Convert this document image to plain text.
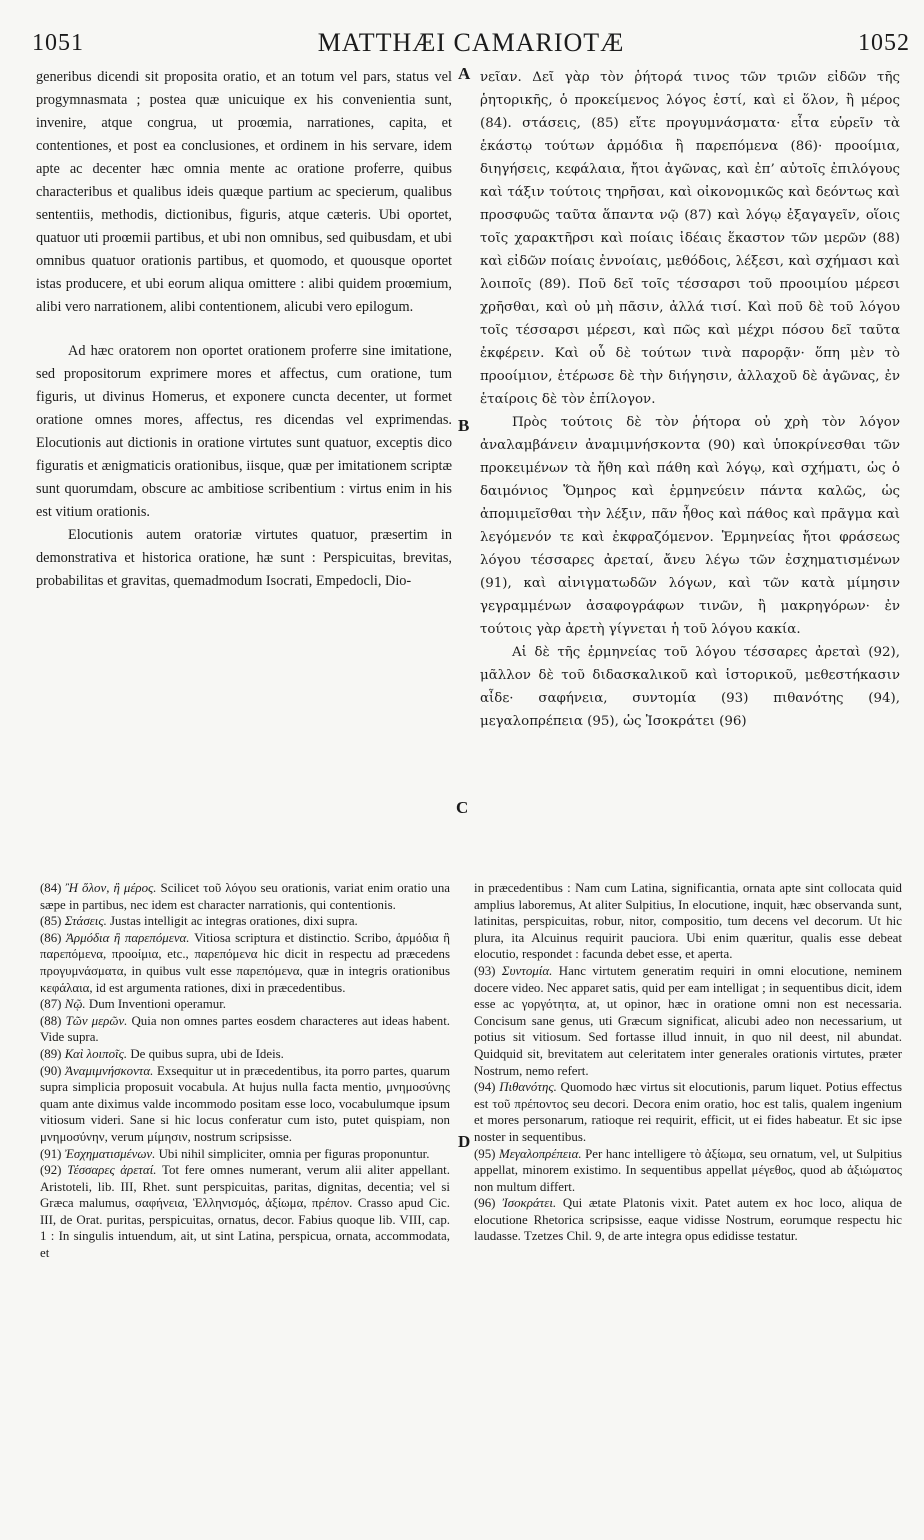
1051	MATTHÆI CAMARIOTÆ	1052
A
B
C
D

generibus dicendi sit proposita oratio, et an totum vel pars, status vel progymnasmata ; postea quæ unicuique ex his convenientia sunt, invenire, atque congrua, ut proœmia, narrationes, capita, et contentiones, et post ea conclusiones, et ordinem in his servare, idem apte ac decenter hæc omnia mente ac oratione proferre, quibus characteribus et qualibus ideis quæque partium ac specierum, qualibus sententiis, methodis, dictionibus, figuris, atque cæteris. Ubi oportet, quatuor uti proœmii partibus, et ubi non omnibus, sed quibusdam, et ubi omnibus quatuor orationis partibus, et quomodo, et quousque oportet istas producere, et ubi eorum aliqua omittere : alibi quidem proœmium, alibi vero narrationem, alibi contentionem, alicubi vero epilogum.

Ad hæc oratorem non oportet orationem proferre sine imitatione, sed propositorum exprimere mores et affectus, cum oratione, tum figuris, ut divinus Homerus, et exponere cuncta decenter, ut formet oratione omnes mores, affectus, res dicendas vel exprimendas. Elocutionis aut dictionis in oratione virtutes sunt quatuor, exceptis dico figuratis et ænigmaticis orationibus, iisque, quæ per imitationem scriptæ sunt quorumdam, obscure ac ambitiose scribentium : virtus enim in his est vitium orationis.

Elocutionis autem oratoriæ virtutes quatuor, præsertim in demonstrativa et historica oratione, hæ sunt : Perspicuitas, brevitas, probabilitas et gravitas, quemadmodum Isocrati, Empedocli, Dio-

νεῖαν. Δεῖ γὰρ τὸν ῥήτορά τινος τῶν τριῶν εἰδῶν τῆς ῥητορικῆς, ὁ προκείμενος λόγος ἐστί, καὶ εἰ ὅλον, ἢ μέρος (84). στάσεις, (85) εἴτε προγυμνάσματα· εἶτα εὑρεῖν τὰ ἑκάστῳ τούτων ἁρμόδια ἢ παρεπόμενα (86)· προοίμια, διηγήσεις, κεφάλαια, ἤτοι ἀγῶνας, καὶ ἐπ’ αὐτοῖς ἐπιλόγους καὶ τάξιν τούτοις τηρῆσαι, καὶ οἰκονομικῶς καὶ δεόντως καὶ προσφυῶς ταῦτα ἅπαντα νῷ (87) καὶ λόγῳ ἐξαγαγεῖν, οἵοις τοῖς χαρακτῆρσι καὶ ποίαις ἰδέαις ἕκαστον τῶν μερῶν (88) καὶ εἰδῶν ποίαις ἐννοίαις, μεθόδοις, λέξεσι, καὶ σχήμασι καὶ λοιποῖς (89). Ποῦ δεῖ τοῖς τέσσαρσι τοῦ προοιμίου μέρεσι χρῆσθαι, καὶ οὐ μὴ πᾶσιν, ἀλλά τισί. Καὶ ποῦ δὲ τοῦ λόγου τοῖς τέσσαρσι μέρεσι, καὶ πῶς καὶ μέχρι πόσου δεῖ ταῦτα ἐκφέρειν. Καὶ οὗ δὲ τούτων τινὰ παρορᾷν· ὅπη μὲν τὸ προοίμιον, ἑτέρωσε δὲ τὴν διήγησιν, ἀλλαχοῦ δὲ ἀγῶνας, ἐν ἑταίροις δὲ τὸν ἐπίλογον.

Πρὸς τούτοις δὲ τὸν ῥήτορα οὐ χρὴ τὸν λόγον ἀναλαμβάνειν ἀναμιμνήσκοντα (90) καὶ ὑποκρίνεσθαι τῶν προκειμένων τὰ ἤθη καὶ πάθη καὶ λόγῳ, καὶ σχήματι, ὡς ὁ δαιμόνιος Ὅμηρος καὶ ἑρμηνεύειν πάντα καλῶς, ὡς ἀπομιμεῖσθαι τὴν λέξιν, πᾶν ἦθος καὶ πάθος καὶ πρᾶγμα καὶ λεγόμενόν τε καὶ ἐκφραζόμενον. Ἑρμηνείας ἤτοι φράσεως λόγου τέσσαρες ἀρεταί, ἄνευ λέγω τῶν ἐσχηματισμένων (91), καὶ αἰνιγματωδῶν λόγων, καὶ τῶν κατὰ μίμησιν γεγραμμένων ἀσαφογράφων τινῶν, ἢ μακρηγόρων· ἐν τούτοις γὰρ ἀρετὴ γίγνεται ἡ τοῦ λόγου κακία.

Αἱ δὲ τῆς ἑρμηνείας τοῦ λόγου τέσσαρες ἀρεταὶ (92), μᾶλλον δὲ τοῦ διδασκαλικοῦ καὶ ἱστορικοῦ, μεθεστήκασιν αἶδε· σαφήνεια, συντομία (93) πιθανότης (94), μεγαλοπρέπεια (95), ὡς Ἰσοκράτει (96)

(84) Ἢ ὅλον, ἢ μέρος. Scilicet τοῦ λόγου seu orationis, variat enim oratio una sæpe in partibus, nec idem est character narrationis, qui contentionis.

(85) Στάσεις. Justas intelligit ac integras orationes, dixi supra.

(86) Ἁρμόδια ἢ παρεπόμενα. Vitiosa scriptura et distinctio. Scribo, ἁρμόδια ἢ παρεπόμενα, προοίμια, etc., παρεπόμενα hic dicit in respectu ad præcedens προγυμνάσματα, in quibus vult esse παρεπόμενα, quæ in integris orationibus κεφάλαια, id est argumenta rationes, dixi in præcedentibus.

(87) Νῷ. Dum Inventioni operamur.

(88) Τῶν μερῶν. Quia non omnes partes eosdem characteres aut ideas habent. Vide supra.

(89) Καὶ λοιποῖς. De quibus supra, ubi de Ideis.

(90) Ἀναμιμνήσκοντα. Exsequitur ut in præcedentibus, ita porro partes, quarum supra simplicia proposuit vocabula. At hujus nulla facta mentio, μνημοσύνης quam ante diximus valde incommodo positam esse loco, vocabulumque ipsum vitiosum videri. Sane si hic locus conferatur cum isto, putet quispiam, non μνημοσύνην, verum μίμησιν, nostrum scripsisse.

(91) Ἐσχηματισμένων. Ubi nihil simpliciter, omnia per figuras proponuntur.

(92) Τέσσαρες ἀρεταί. Tot fere omnes numerant, verum alii aliter appellant. Aristoteli, lib. III, Rhet. sunt perspicuitas, paritas, dignitas, decentia; vel si Græca malumus, σαφήνεια, Ἑλληνισμός, ἀξίωμα, πρέπον. Crasso apud Cic. III, de Orat. puritas, perspicuitas, ornatus, decor. Fabius quoque lib. VIII, cap. 1 : In singulis intuendum, ait, ut sint Latina, perspicua, ornata, accommodata, et

in præcedentibus : Nam cum Latina, significantia, ornata apte sint collocata quid amplius laboremus, At aliter Sulpitius, In elocutione, inquit, hæc observanda sunt, latinitas, perspicuitas, robur, nitor, compositio, tum decens vel decorum. Ut hic plura, ita Alcuinus requirit pauciora. Ubi enim quæritur, qualis esse debeat elocutio, respondet : facunda debet esse, et aperta.

(93) Συντομία. Hanc virtutem generatim requiri in omni elocutione, neminem docere video. Nec apparet satis, quid per eam intelligat ; in sequentibus dicit, idem esse ac γοργότητα, at, ut opinor, hæc in oratione omni non est necessaria. Concisum sane genus, uti Græcum significat, alicubi adeo non necessarium, ut potius sit vitiosum. Sed fortasse illud innuit, in quo nil deest, nil abundat. Quidquid sit, brevitatem aut celeritatem inter generales orationis virtutes, præter Nostrum, nemo refert.

(94) Πιθανότης. Quomodo hæc virtus sit elocutionis, parum liquet. Potius effectus est τοῦ πρέποντος seu decori. Decora enim oratio, hoc est talis, qualem ingenium et mores personarum, ratioque rei requirit, efficit, ut ei fides habeatur. Et sic ipse noster in sequentibus.

(95) Μεγαλοπρέπεια. Per hanc intelligere τὸ ἀξίωμα, seu ornatum, vel, ut Sulpitius appellat, minorem existimo. In sequentibus appellat μέγεθος, quod ab ἀξιώματος non multum differt.

(96) Ἰσοκράτει. Qui ætate Platonis vixit. Patet autem ex hoc loco, aliqua de elocutione Rhetorica scripsisse, eaque vidisse Nostrum, eorumque respectu hic laudasse. Tzetzes Chil. 9, de arte integra opus edidisse testatur.
